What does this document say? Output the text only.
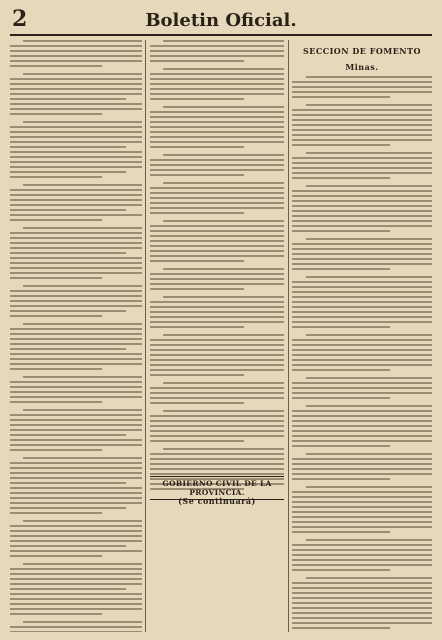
2	Boletin Oficial.
(Se continuará)
SECCION DE FOMENTO
Minas.
GOBIERNO CIVIL DE LA PROVINCIA.
